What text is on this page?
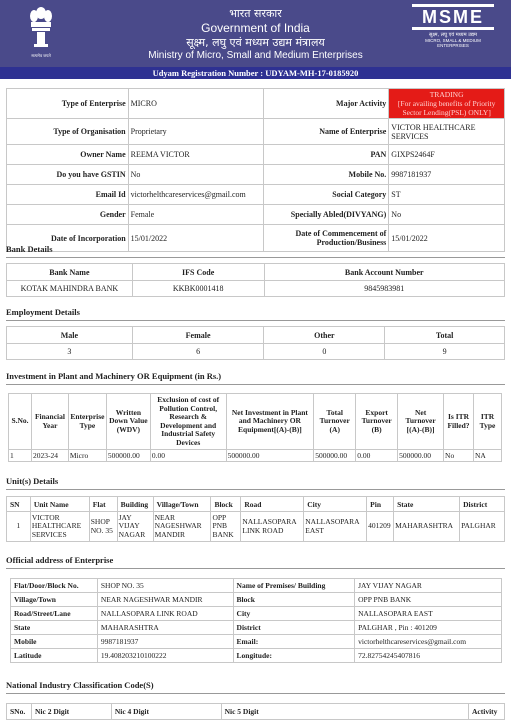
सत्यमेव जयते
भारत सरकार
Government of India
सूक्ष्म, लघु एवं मध्यम उद्यम मंत्रालय
Ministry of Micro, Small and Medium Enterprises
MSME
सूक्ष्म, लघु एवं मध्यम उद्यम
MICRO, SMALL & MEDIUM ENTERPRISES
Udyam Registration Number : UDYAM-MH-17-0185920
Type of Enterprise	MICRO	Major Activity	TRADING
[For availing benefits of Priority Sector Lending(PSL) ONLY]
Type of Organisation	Proprietary	Name of Enterprise	VICTOR HEALTHCARE SERVICES
Owner Name	REEMA VICTOR	PAN	GIXPS2464F
Do you have GSTIN	No	Mobile No.	9987181937
Email Id	victorhelthcareservices@gmail.com	Social Category	ST
Gender	Female	Specially Abled(DIVYANG)	No
Date of Incorporation	15/01/2022	Date of Commencement of Production/Business	15/01/2022
Bank Details
Bank Name	IFS Code	Bank Account Number
KOTAK MAHINDRA BANK	KKBK0001418	9845983981
Employment Details
Male	Female	Other	Total
3	6	0	9
Investment in Plant and Machinery OR Equipment (in Rs.)
S.No.	Financial Year	Enterprise Type	Written Down Value (WDV)	Exclusion of cost of Pollution Control, Research & Development and Industrial Safety Devices	Net Investment in Plant and Machinery OR Equipment[(A)-(B)]	Total Turnover (A)	Export Turnover (B)	Net Turnover [(A)-(B)]	Is ITR Filled?	ITR Type
1	2023-24	Micro	500000.00	0.00	500000.00	500000.00	0.00	500000.00	No	NA
Unit(s) Details
SN	Unit Name	Flat	Building	Village/Town	Block	Road	City	Pin	State	District
1	VICTOR HEALTHCARE SERVICES	SHOP NO. 35	JAY VIJAY NAGAR	NEAR NAGESHWAR MANDIR	OPP PNB BANK	NALLASOPARA LINK ROAD	NALLASOPARA EAST	401209	MAHARASHTRA	PALGHAR
Official address of Enterprise
Flat/Door/Block No.	SHOP NO. 35	Name of Premises/ Building	JAY VIJAY NAGAR
Village/Town	NEAR NAGESHWAR MANDIR	Block	OPP PNB BANK
Road/Street/Lane	NALLASOPARA LINK ROAD	City	NALLASOPARA EAST
State	MAHARASHTRA	District	PALGHAR , Pin : 401209
Mobile	9987181937	Email:	victorhelthcareservices@gmail.com
Latitude	19.408203210100222	Longitude:	72.82754245407816
National Industry Classification Code(S)
SNo.	Nic 2 Digit	Nic 4 Digit	Nic 5 Digit	Activity
